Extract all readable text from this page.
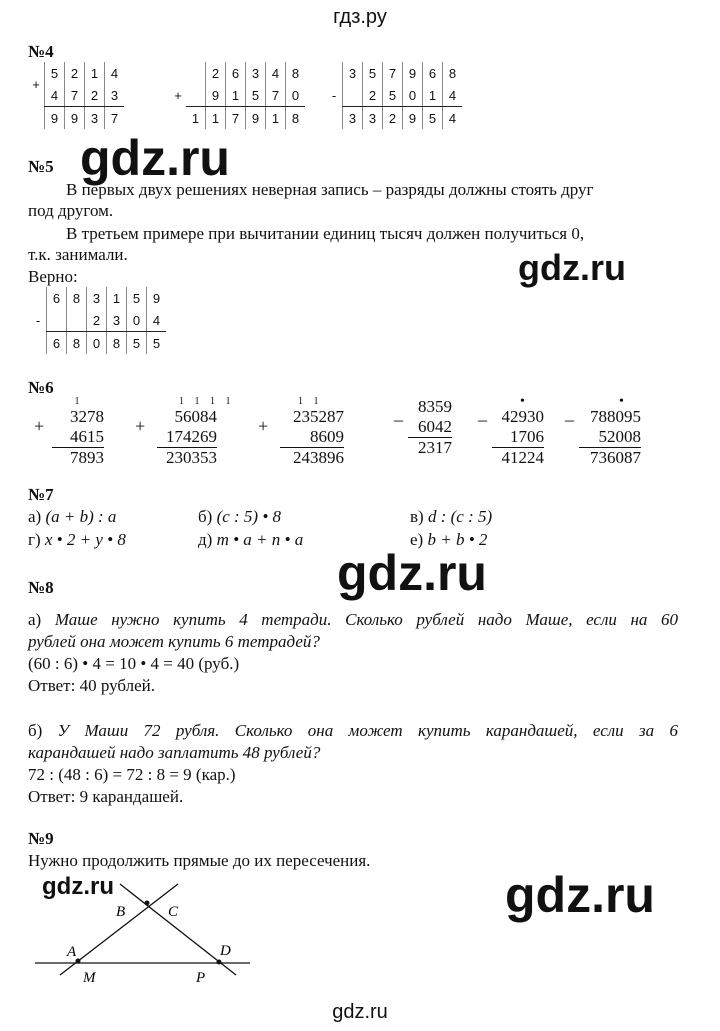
гдз.ру
gdz.ru
gdz.ru
gdz.ru
gdz.ru
gdz.ru	gdz.ru
№4
+	5	2	1	4
	4	7	2	3
	9	9	3	7
		2	6	3	4	8
+		9	1	5	7	0
	1	1	7	9	1	8
	3	5	7	9	6	8
-		2	5	0	1	4
	3	3	2	9	5	4
№5
В первых двух решениях неверная запись – разряды должны стоять друг
под другом.
В третьем примере при вычитании единиц тысяч должен получиться 0,
т.к. занимали.
Верно:
	6	8	3	1	5	9
-			2	3	0	4
	6	8	0	8	5	5
№6
1
+	3278
4615
7893
1 1 1 1
+	56084
174269
230353
1 1
+	235287
8609
243896
_ 8359
6042
2317
•
_ 42930
1706
41224
•
_ 788095
52008
736087
№7
а) (a + b) : a	б) (c : 5) • 8	в) d : (c : 5)
г) x • 2 + y • 8	д) m • a + n • a	е) b + b • 2
№8
а) Маше нужно купить 4 тетради. Сколько рублей надо Маше, если на 60
рублей она может купить 6 тетрадей?
(60 : 6) • 4 = 10 • 4 = 40 (руб.)
Ответ: 40 рублей.
б) У Маши 72 рубля. Сколько она может купить карандашей, если за 6
карандашей надо заплатить 48 рублей?
72 : (48 : 6) = 72 : 8 = 9 (кар.)
Ответ: 9 карандашей.
№9
Нужно продолжить прямые до их пересечения.
B	C
A	D
M	P
